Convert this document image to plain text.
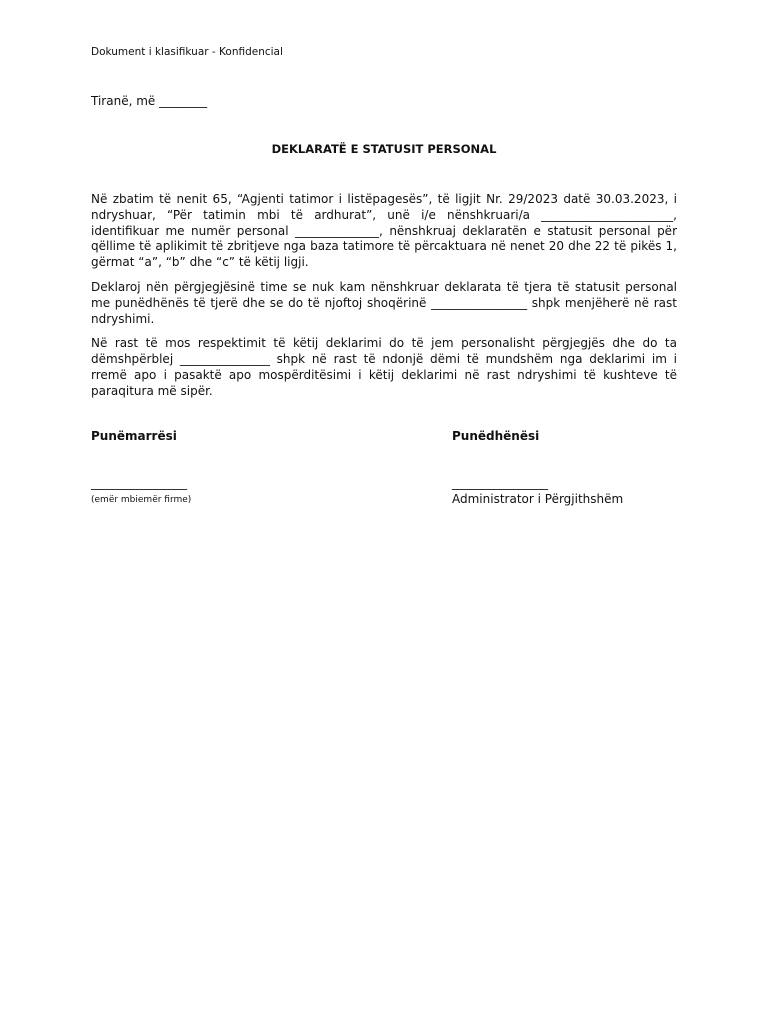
Dokument i klasifikuar - Konfidencial
Tiranë, më ________
DEKLARATË E STATUSIT PERSONAL

Në zbatim të nenit 65, “Agjenti tatimor i listëpagesës”, të ligjit Nr. 29/2023 datë 30.03.2023, i ndryshuar, “Për tatimin mbi të ardhurat”, unë i/e nënshkruari/a ______________________, identifikuar me numër personal ______________, nënshkruaj deklaratën e statusit personal për qëllime të aplikimit të zbritjeve nga baza tatimore të përcaktuara në nenet 20 dhe 22 të pikës 1, gërmat “a”, “b” dhe “c” të këtij ligji.

Deklaroj nën përgjegjësinë time se nuk kam nënshkruar deklarata të tjera të statusit personal me punëdhënës të tjerë dhe se do të njoftoj shoqërinë ________________ shpk menjëherë në rast ndryshimi.

Në rast të mos respektimit të këtij deklarimi do të jem personalisht përgjegjës dhe do ta dëmshpërblej _______________ shpk në rast të ndonjë dëmi të mundshëm nga deklarimi im i rremë apo i pasaktë apo mospërditësimi i këtij deklarimi në rast ndryshimi të kushteve të paraqitura më sipër.

Punëmarrësi
________________
(emër mbiemër firme)
Punëdhënësi
________________
Administrator i Përgjithshëm
